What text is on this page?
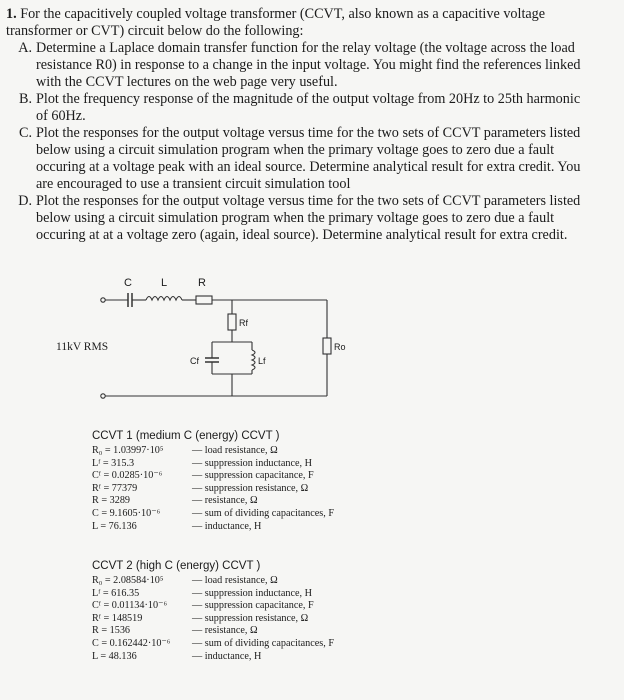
1. For the capacitively coupled voltage transformer (CCVT, also known as a capacitive voltage

transformer or CVT) circuit below do the following:

A. Determine a Laplace domain transfer function for the relay voltage (the voltage across the load

resistance R0) in response to a change in the input voltage. You might find the references linked

with the CCVT lectures on the web page very useful.

B. Plot the frequency response of the magnitude of the output voltage from 20Hz to 25th harmonic

of 60Hz.

C. Plot the responses for the output voltage versus time for the two sets of CCVT parameters listed

below using a circuit simulation program when the primary voltage goes to zero due a fault

occuring at a voltage peak with an ideal source. Determine analytical result for extra credit. You

are encouraged to use a transient circuit simulation tool

D. Plot the responses for the output voltage versus time for the two sets of CCVT parameters listed

below using a circuit simulation program when the primary voltage goes to zero due a fault

occuring at at a voltage zero (again, ideal source). Determine analytical result for extra credit.

C	L	R
Rf
Cf	Lf
Ro
11kV RMS
CCVT 1 (medium C (energy) CCVT )
R₀ = 1.03997·10⁵	— load resistance, Ω
Lᶠ = 315.3	— suppression inductance, H
Cᶠ = 0.0285·10⁻⁶	— suppression capacitance, F
Rᶠ = 77379	— suppression resistance, Ω
R = 3289	— resistance, Ω
C = 9.1605·10⁻⁶	— sum of dividing capacitances, F
L = 76.136	— inductance, H
CCVT 2 (high C (energy) CCVT )
R₀ = 2.08584·10⁵	— load resistance, Ω
Lᶠ = 616.35	— suppression inductance, H
Cᶠ = 0.01134·10⁻⁶	— suppression capacitance, F
Rᶠ = 148519	— suppression resistance, Ω
R = 1536	— resistance, Ω
C = 0.162442·10⁻⁶	— sum of dividing capacitances, F
L = 48.136	— inductance, H
